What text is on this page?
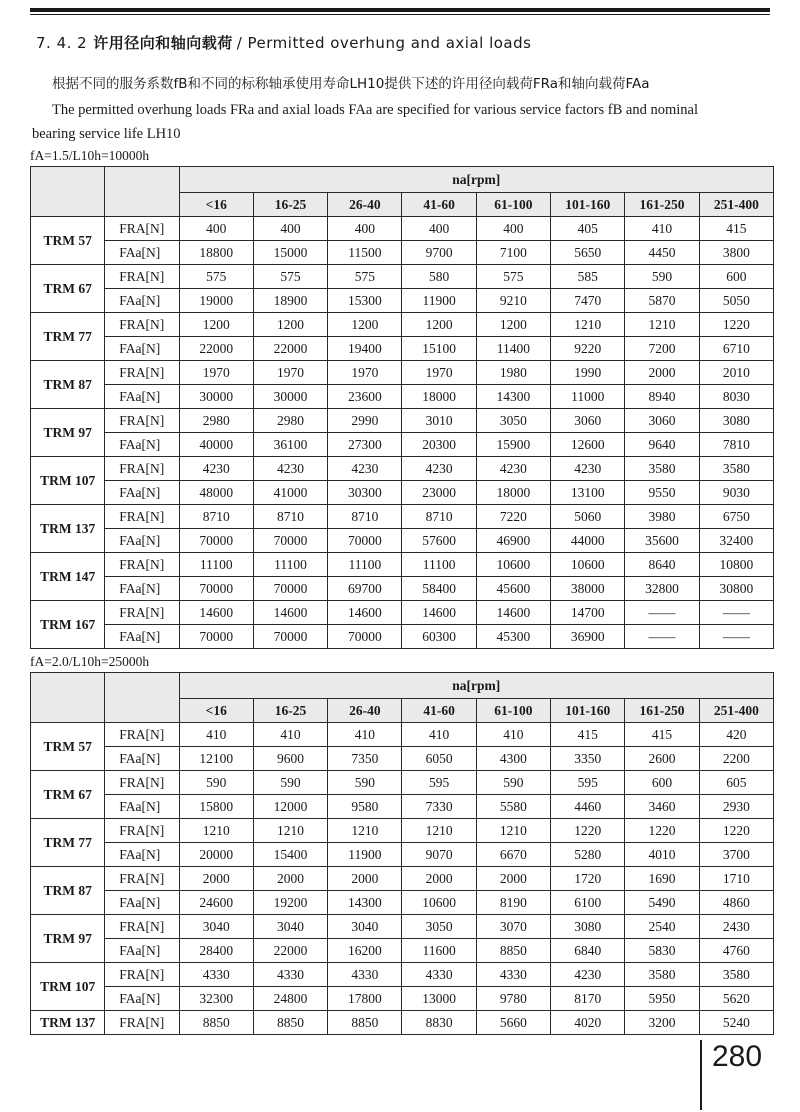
7. 4. 2 许用径向和轴向载荷 / Permitted overhung and axial loads
根据不同的服务系数fB和不同的标称轴承使用寿命LH10提供下述的许用径向载荷FRa和轴向载荷FAa
The permitted overhung loads FRa and axial loads FAa are specified for various service factors fB and nominal
bearing service life LH10
fA=1.5/L10h=10000h
		na[rpm]							
		<16	16-25	26-40	41-60	61-100	101-160	161-250	251-400
TRM 57	FRA[N]	400	400	400	400	400	405	410	415
	FAa[N]	18800	15000	11500	9700	7100	5650	4450	3800
TRM 67	FRA[N]	575	575	575	580	575	585	590	600
	FAa[N]	19000	18900	15300	11900	9210	7470	5870	5050
TRM 77	FRA[N]	1200	1200	1200	1200	1200	1210	1210	1220
	FAa[N]	22000	22000	19400	15100	11400	9220	7200	6710
TRM 87	FRA[N]	1970	1970	1970	1970	1980	1990	2000	2010
	FAa[N]	30000	30000	23600	18000	14300	11000	8940	8030
TRM 97	FRA[N]	2980	2980	2990	3010	3050	3060	3060	3080
	FAa[N]	40000	36100	27300	20300	15900	12600	9640	7810
TRM 107	FRA[N]	4230	4230	4230	4230	4230	4230	3580	3580
	FAa[N]	48000	41000	30300	23000	18000	13100	9550	9030
TRM 137	FRA[N]	8710	8710	8710	8710	7220	5060	3980	6750
	FAa[N]	70000	70000	70000	57600	46900	44000	35600	32400
TRM 147	FRA[N]	11100	11100	11100	11100	10600	10600	8640	10800
	FAa[N]	70000	70000	69700	58400	45600	38000	32800	30800
TRM 167	FRA[N]	14600	14600	14600	14600	14600	14700	——	——
	FAa[N]	70000	70000	70000	60300	45300	36900	——	——
fA=2.0/L10h=25000h
		na[rpm]							
		<16	16-25	26-40	41-60	61-100	101-160	161-250	251-400
TRM 57	FRA[N]	410	410	410	410	410	415	415	420
	FAa[N]	12100	9600	7350	6050	4300	3350	2600	2200
TRM 67	FRA[N]	590	590	590	595	590	595	600	605
	FAa[N]	15800	12000	9580	7330	5580	4460	3460	2930
TRM 77	FRA[N]	1210	1210	1210	1210	1210	1220	1220	1220
	FAa[N]	20000	15400	11900	9070	6670	5280	4010	3700
TRM 87	FRA[N]	2000	2000	2000	2000	2000	1720	1690	1710
	FAa[N]	24600	19200	14300	10600	8190	6100	5490	4860
TRM 97	FRA[N]	3040	3040	3040	3050	3070	3080	2540	2430
	FAa[N]	28400	22000	16200	11600	8850	6840	5830	4760
TRM 107	FRA[N]	4330	4330	4330	4330	4330	4230	3580	3580
	FAa[N]	32300	24800	17800	13000	9780	8170	5950	5620
TRM 137	FRA[N]	8850	8850	8850	8830	5660	4020	3200	5240
280
